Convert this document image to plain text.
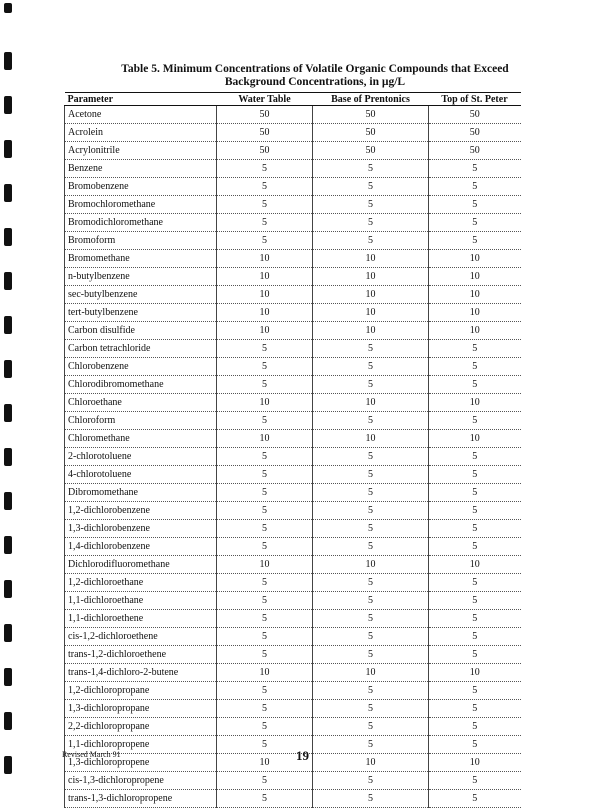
Table 5. Minimum Concentrations of Volatile Organic Compounds that Exceed
Background Concentrations, in µg/L
Parameter	Water Table	Base of Prentonics	Top of St. Peter
Acetone	50	50	50
Acrolein	50	50	50
Acrylonitrile	50	50	50
Benzene	5	5	5
Bromobenzene	5	5	5
Bromochloromethane	5	5	5
Bromodichloromethane	5	5	5
Bromoform	5	5	5
Bromomethane	10	10	10
n-butylbenzene	10	10	10
sec-butylbenzene	10	10	10
tert-butylbenzene	10	10	10
Carbon disulfide	10	10	10
Carbon tetrachloride	5	5	5
Chlorobenzene	5	5	5
Chlorodibromomethane	5	5	5
Chloroethane	10	10	10
Chloroform	5	5	5
Chloromethane	10	10	10
2-chlorotoluene	5	5	5
4-chlorotoluene	5	5	5
Dibromomethane	5	5	5
1,2-dichlorobenzene	5	5	5
1,3-dichlorobenzene	5	5	5
1,4-dichlorobenzene	5	5	5
Dichlorodifluoromethane	10	10	10
1,2-dichloroethane	5	5	5
1,1-dichloroethane	5	5	5
1,1-dichloroethene	5	5	5
cis-1,2-dichloroethene	5	5	5
trans-1,2-dichloroethene	5	5	5
trans-1,4-dichloro-2-butene	10	10	10
1,2-dichloropropane	5	5	5
1,3-dichloropropane	5	5	5
2,2-dichloropropane	5	5	5
1,1-dichloropropene	5	5	5
1,3-dichloropropene	10	10	10
cis-1,3-dichloropropene	5	5	5
trans-1,3-dichloropropene	5	5	5
Revised March 91	19
